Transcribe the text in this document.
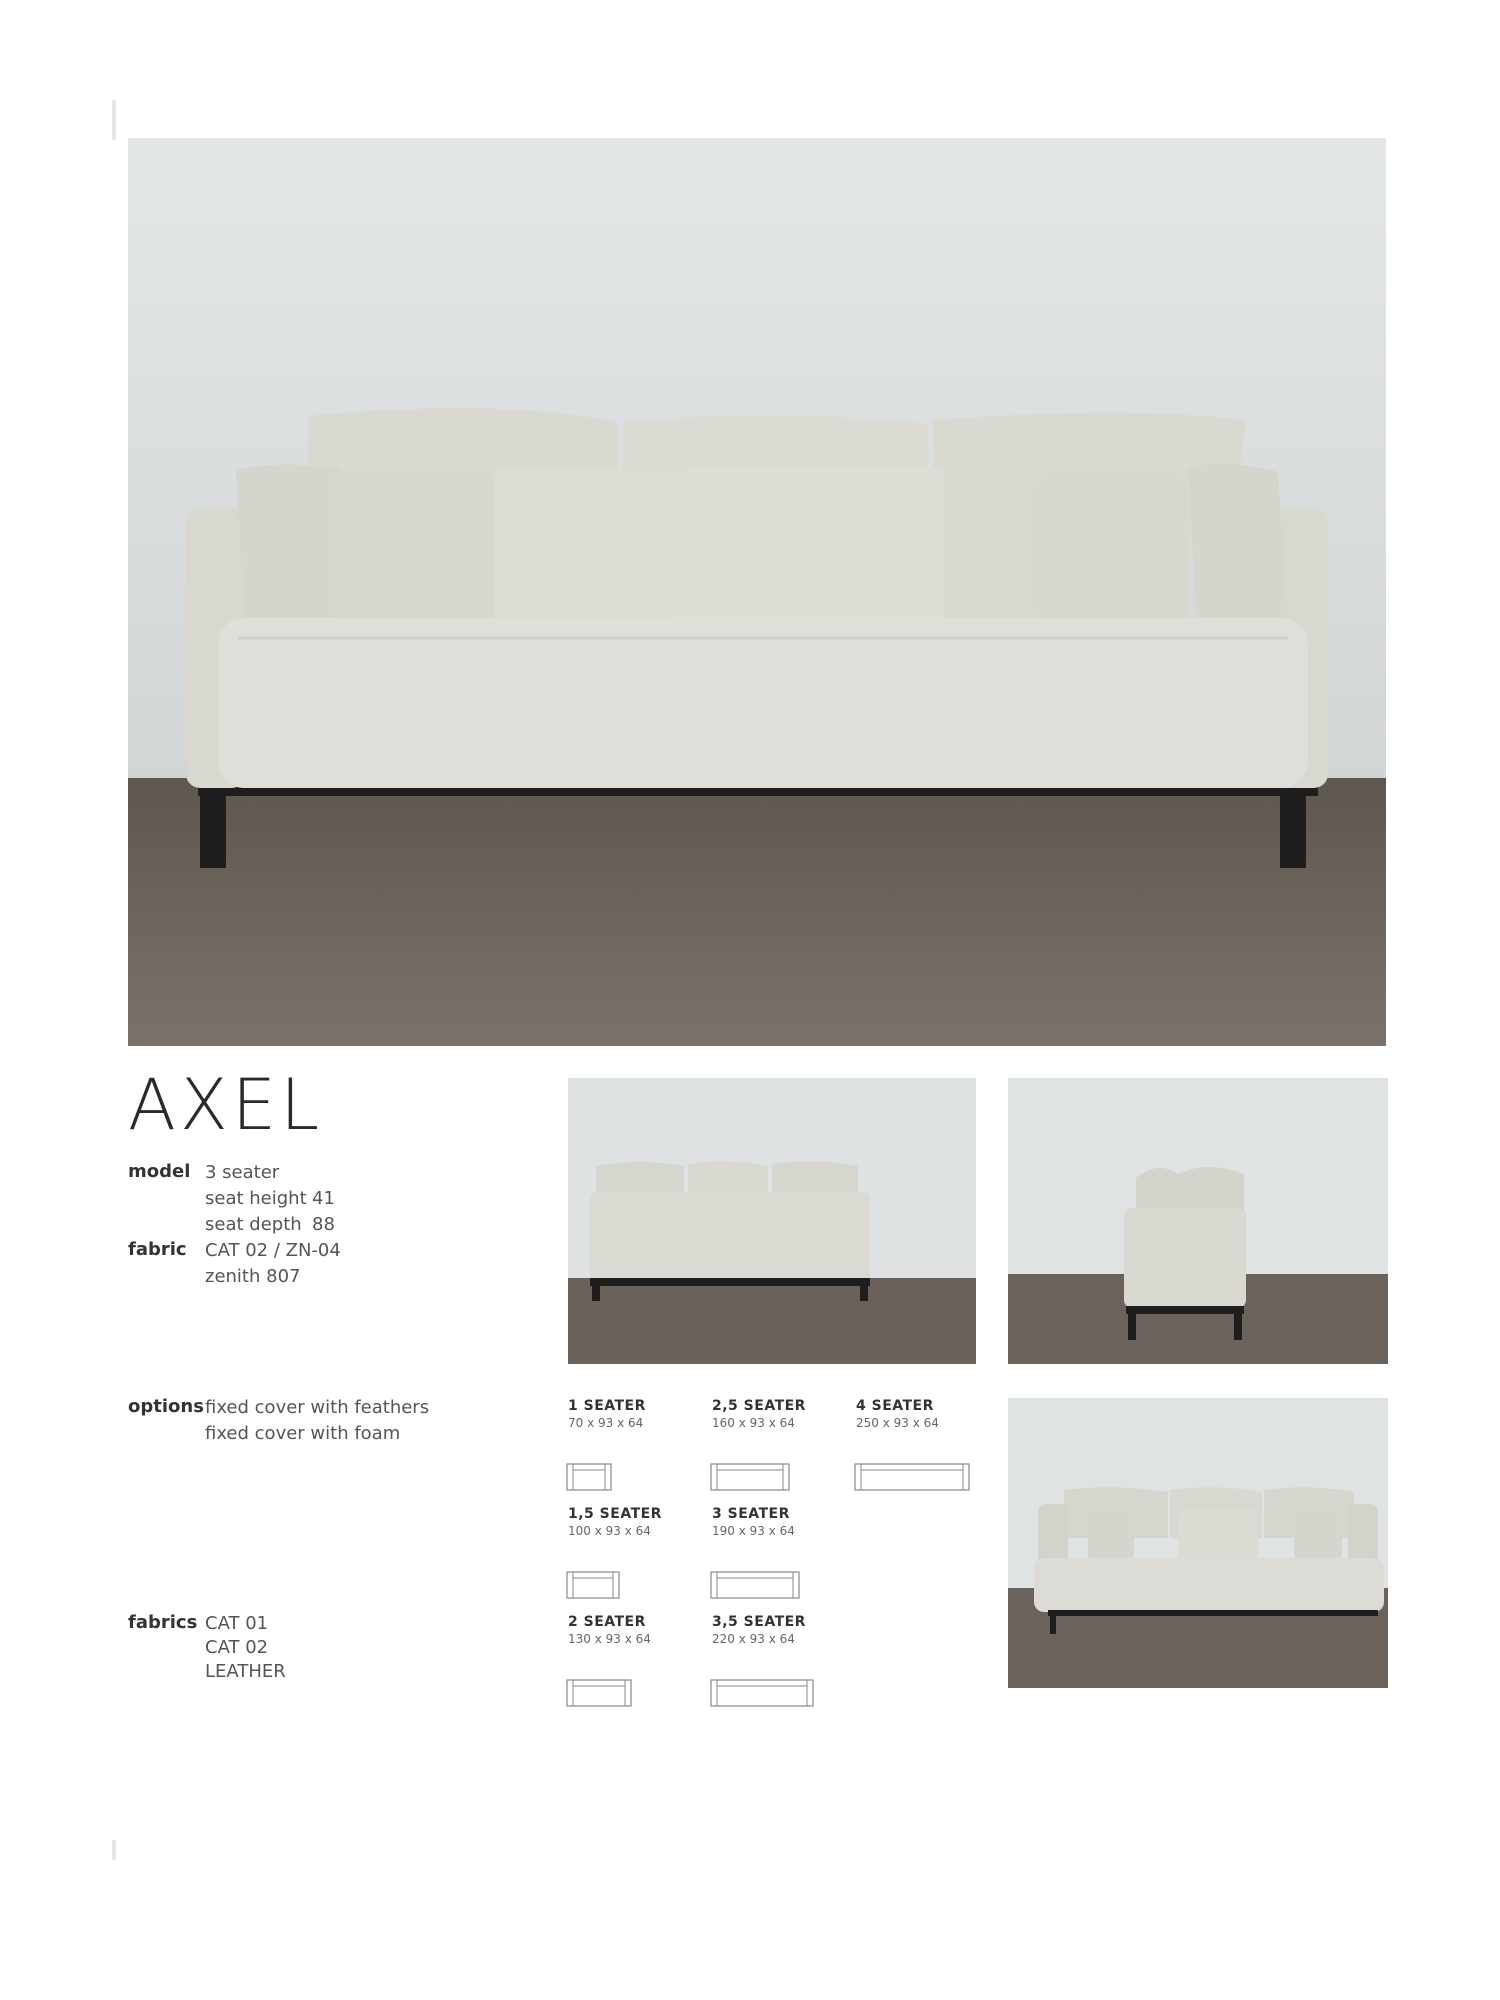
AXEL
model 3 seater
seat height 41
seat depth 88
fabric CAT 02 / ZN-04
zenith 807
options fixed cover with feathers
fixed cover with foam
fabrics CAT 01
CAT 02
LEATHER
1 SEATER
70 x 93 x 64
2,5 SEATER
160 x 93 x 64
4 SEATER
250 x 93 x 64
1,5 SEATER
100 x 93 x 64
3 SEATER
190 x 93 x 64
2 SEATER
130 x 93 x 64
3,5 SEATER
220 x 93 x 64
